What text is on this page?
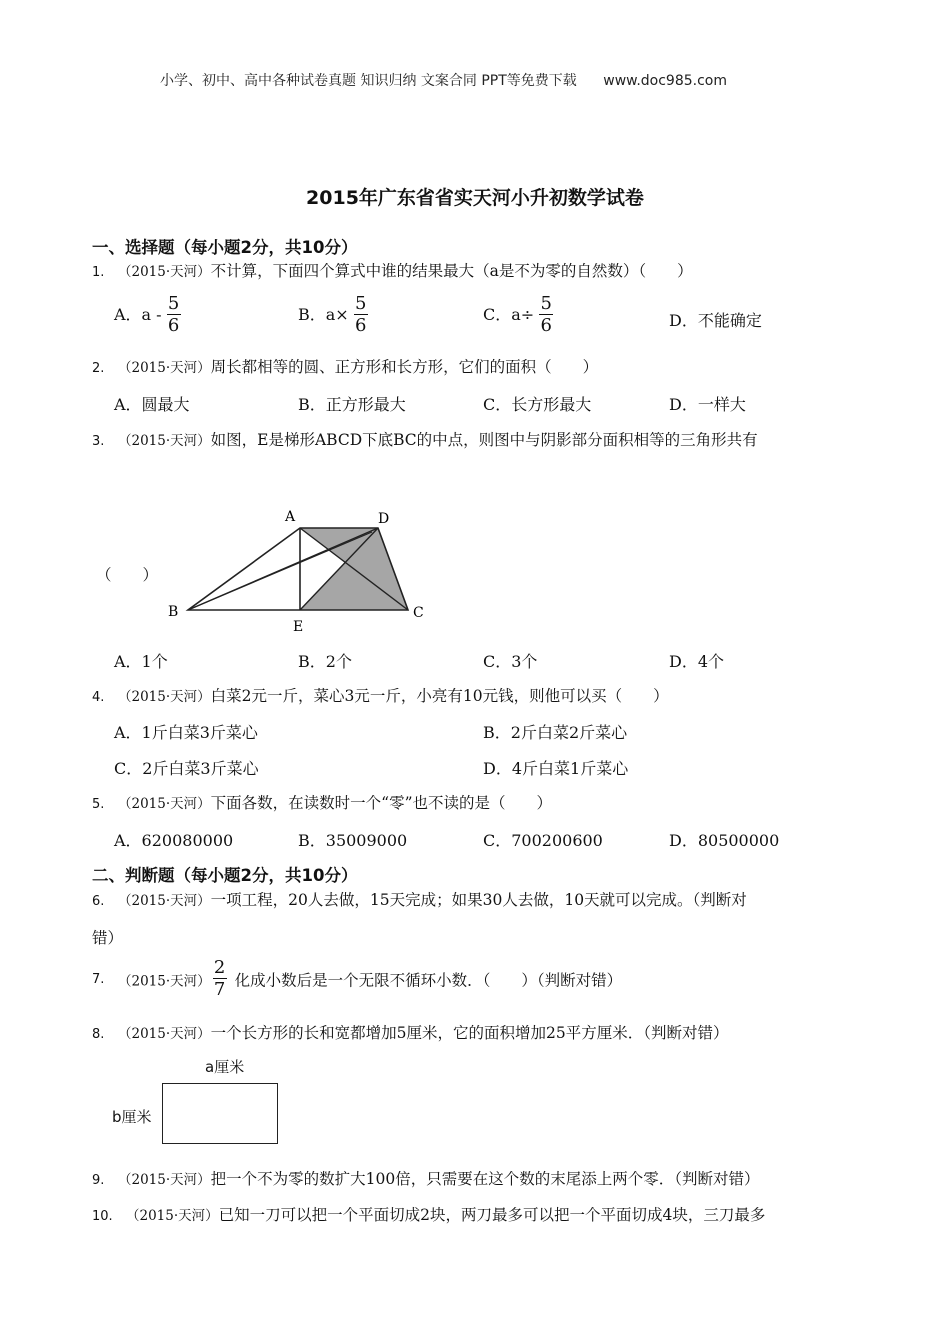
小学、初中、高中各种试卷真题 知识归纳 文案合同 PPT等免费下载 www.doc985.com
2015年广东省省实天河小升初数学试卷
一、选择题（每小题2分，共10分）
1. （2015·天河）不计算，下面四个算式中谁的结果最大（a是不为零的自然数）（　　）
A．a - $\frac{5}{6}$	B．$a\times \frac{5}{6}$	C．$a\div \frac{5}{6}$	D．不能确定
2. （2015·天河）周长都相等的圆、正方形和长方形，它们的面积（　　）
A．圆最大	B．正方形最大	C．长方形最大	D．一样大
3. （2015·天河）如图，E是梯形ABCD下底BC的中点，则图中与阴影部分面积相等的三角形共有
（　　）
A	D
B	C
E
A．1个	B．2个	C．3个	D．4个
4. （2015·天河）白菜2元一斤，菜心3元一斤，小亮有10元钱，则他可以买（　　）
A．1斤白菜3斤菜心	B．2斤白菜2斤菜心
C．2斤白菜3斤菜心	D．4斤白菜1斤菜心
5. （2015·天河）下面各数，在读数时一个“零”也不读的是（　　）
A．620080000	B．35009000	C．700200600	D．80500000
二、判断题（每小题2分，共10分）
6. （2015·天河）一项工程，20人去做，15天完成；如果30人去做，10天就可以完成。（判断对
错）
7. （2015·天河） $\frac{2}{7}$ 化成小数后是一个无限不循环小数．（　　）（判断对错）
8. （2015·天河）一个长方形的长和宽都增加5厘米，它的面积增加25平方厘米．（判断对错）
a厘米
b厘米
9. （2015·天河）把一个不为零的数扩大100倍，只需要在这个数的末尾添上两个零．（判断对错）
10. （2015·天河）已知一刀可以把一个平面切成2块，两刀最多可以把一个平面切成4块，三刀最多
